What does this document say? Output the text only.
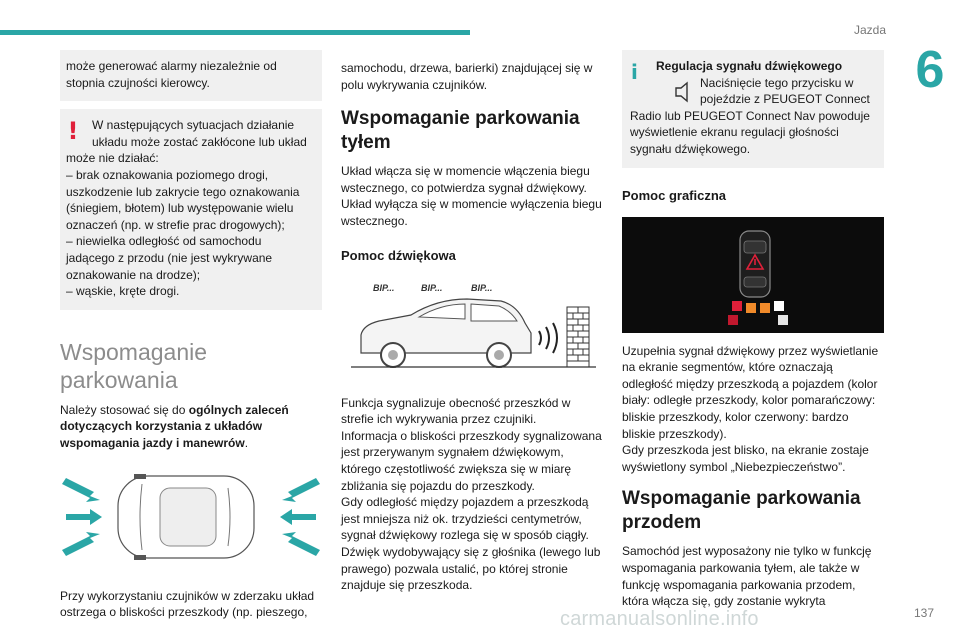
Jazda
6

może generować alarmy niezależnie od stopnia czujności kierowcy.

!	W następujących sytuacjach działanie

układu może zostać zakłócone lub układ

może nie działać:

– brak oznakowania poziomego drogi, uszkodzenie lub zakrycie tego oznakowania (śniegiem, błotem) lub występowanie wielu oznaczeń (np. w strefie prac drogowych);

– niewielka odległość od samochodu jadącego z przodu (nie jest wykrywane oznakowanie na drodze);

– wąskie, kręte drogi.

Wspomaganie
parkowania

Należy stosować się do ogólnych zaleceń dotyczących korzystania z układów wspomagania jazdy i manewrów.

Przy wykorzystaniu czujników w zderzaku układ ostrzega o bliskości przeszkody (np. pieszego,

samochodu, drzewa, barierki) znajdującej się w polu wykrywania czujników.

Wspomaganie parkowania tyłem

Układ włącza się w momencie włączenia biegu wstecznego, co potwierdza sygnał dźwiękowy. Układ wyłącza się w momencie wyłączenia biegu wstecznego.

Pomoc dźwiękowa
BIP...	BIP...	BIP...

Funkcja sygnalizuje obecność przeszkód w strefie ich wykrywania przez czujniki.
Informacja o bliskości przeszkody sygnalizowana jest przerywanym sygnałem dźwiękowym, którego częstotliwość zwiększa się w miarę zbliżania się pojazdu do przeszkody.
Gdy odległość między pojazdem a przeszkodą jest mniejsza niż ok. trzydzieści centymetrów, sygnał dźwiękowy rozlega się w sposób ciągły.
Dźwięk wydobywający się z głośnika (lewego lub prawego) pozwala ustalić, po której stronie znajduje się przeszkoda.

i	Regulacja sygnału dźwiękowego

Naciśnięcie tego przycisku w

pojeździe z PEUGEOT Connect

Radio lub PEUGEOT Connect Nav powoduje wyświetlenie ekranu regulacji głośności sygnału dźwiękowego.

Pomoc graficzna

Uzupełnia sygnał dźwiękowy przez wyświetlanie na ekranie segmentów, które oznaczają odległość między przeszkodą a pojazdem (kolor biały: odległe przeszkody, kolor pomarańczowy: bliskie przeszkody, kolor czerwony: bardzo bliskie przeszkody).
Gdy przeszkoda jest blisko, na ekranie zostaje wyświetlony symbol „Niebezpieczeństwo”.

Wspomaganie parkowania przodem

Samochód jest wyposażony nie tylko w funkcję wspomagania parkowania tyłem, ale także w funkcję wspomagania parkowania przodem, która włącza się, gdy zostanie wykryta

carmanualsonline.info	137
